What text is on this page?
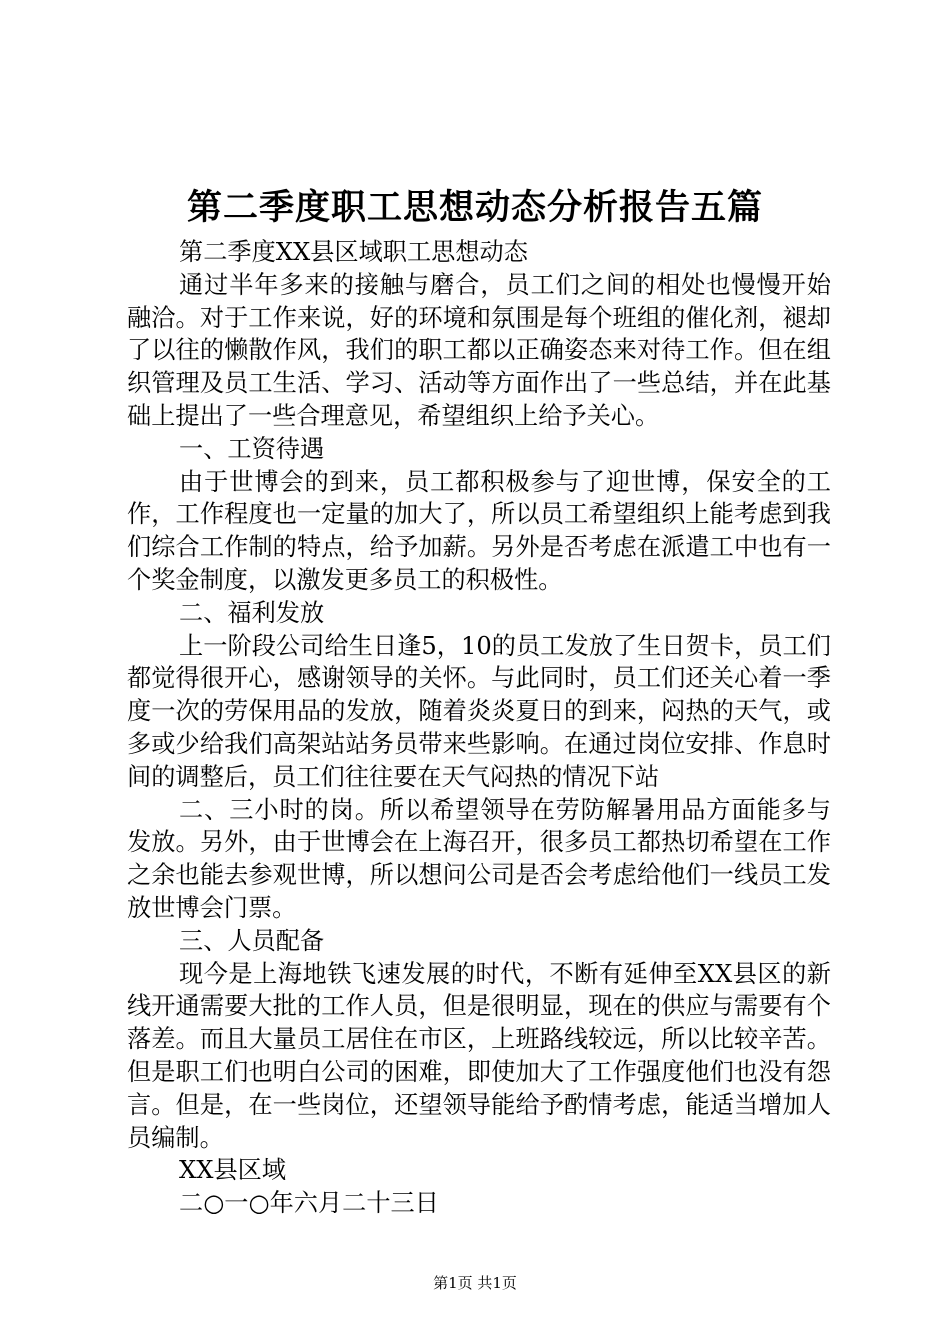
第二季度职工思想动态分析报告五篇

第二季度XX县区域职工思想动态

通过半年多来的接触与磨合，员工们之间的相处也慢慢开始融洽。对于工作来说，好的环境和氛围是每个班组的催化剂，褪却了以往的懒散作风，我们的职工都以正确姿态来对待工作。但在组织管理及员工生活、学习、活动等方面作出了一些总结，并在此基础上提出了一些合理意见，希望组织上给予关心。

一、工资待遇

由于世博会的到来，员工都积极参与了迎世博，保安全的工作，工作程度也一定量的加大了，所以员工希望组织上能考虑到我们综合工作制的特点，给予加薪。另外是否考虑在派遣工中也有一个奖金制度，以激发更多员工的积极性。

二、福利发放

上一阶段公司给生日逢5，10的员工发放了生日贺卡，员工们都觉得很开心，感谢领导的关怀。与此同时，员工们还关心着一季度一次的劳保用品的发放，随着炎炎夏日的到来，闷热的天气，或多或少给我们高架站站务员带来些影响。在通过岗位安排、作息时间的调整后，员工们往往要在天气闷热的情况下站

二、三小时的岗。所以希望领导在劳防解暑用品方面能多与发放。另外，由于世博会在上海召开，很多员工都热切希望在工作之余也能去参观世博，所以想问公司是否会考虑给他们一线员工发放世博会门票。

三、人员配备

现今是上海地铁飞速发展的时代，不断有延伸至XX县区的新线开通需要大批的工作人员，但是很明显，现在的供应与需要有个落差。而且大量员工居住在市区，上班路线较远，所以比较辛苦。但是职工们也明白公司的困难，即使加大了工作强度他们也没有怨言。但是，在一些岗位，还望领导能给予酌情考虑，能适当增加人员编制。

XX县区域

二○一○年六月二十三日

第1页 共1页
